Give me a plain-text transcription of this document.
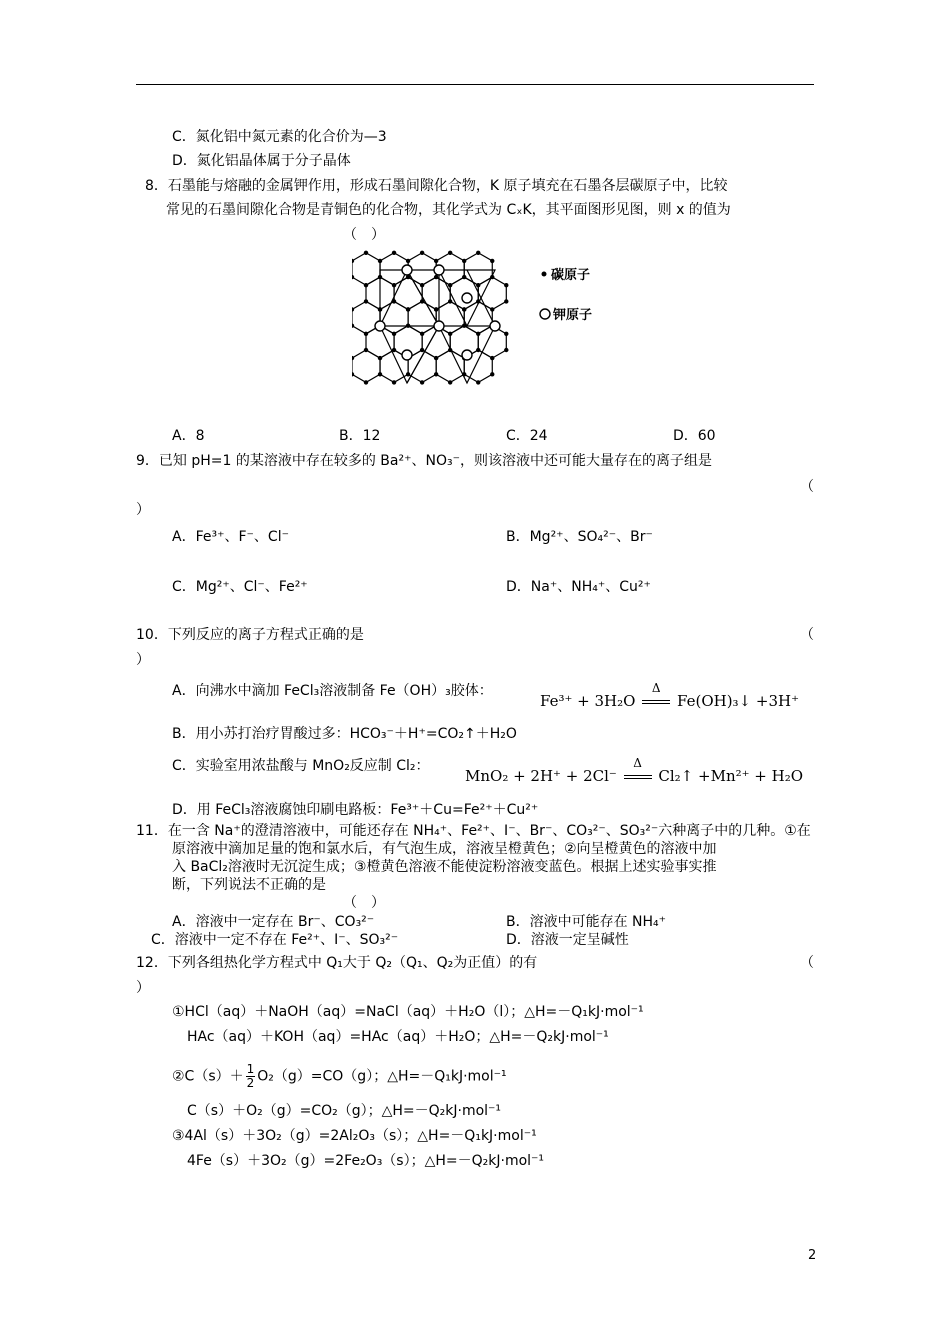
C．氮化铝中氮元素的化合价为—3
D．氮化铝晶体属于分子晶体
8．石墨能与熔融的金属钾作用，形成石墨间隙化合物，K 原子填充在石墨各层碳原子中，比较
常见的石墨间隙化合物是青铜色的化合物，其化学式为 CₓK，其平面图形见图，则 x 的值为
（　）
碳原子
钾原子
A．8	B．12	C．24	D．60
9．已知 pH=1 的某溶液中存在较多的 Ba²⁺、NO₃⁻，则该溶液中还可能大量存在的离子组是
（
）
A．Fe³⁺、F⁻、Cl⁻	B．Mg²⁺、SO₄²⁻、Br⁻
C．Mg²⁺、Cl⁻、Fe²⁺	D．Na⁺、NH₄⁺、Cu²⁺
10．下列反应的离子方程式正确的是	（
）
A．向沸水中滴加 FeCl₃溶液制备 Fe（OH）₃胶体：
Fe³⁺ + 3H₂O
Δ
Fe(OH)₃↓ +3H⁺
B．用小苏打治疗胃酸过多：HCO₃⁻＋H⁺=CO₂↑＋H₂O
C．实验室用浓盐酸与 MnO₂反应制 Cl₂：
MnO₂ + 2H⁺ + 2Cl⁻
Δ
Cl₂↑ +Mn²⁺ + H₂O
D．用 FeCl₃溶液腐蚀印刷电路板：Fe³⁺＋Cu=Fe²⁺＋Cu²⁺
11．在一含 Na⁺的澄清溶液中，可能还存在 NH₄⁺、Fe²⁺、I⁻、Br⁻、CO₃²⁻、SO₃²⁻六种离子中的几种。①在
原溶液中滴加足量的饱和氯水后，有气泡生成，溶液呈橙黄色；②向呈橙黄色的溶液中加
入 BaCl₂溶液时无沉淀生成；③橙黄色溶液不能使淀粉溶液变蓝色。根据上述实验事实推
断，下列说法不正确的是
（　）
A．溶液中一定存在 Br⁻、CO₃²⁻	B．溶液中可能存在 NH₄⁺
C．溶液中一定不存在 Fe²⁺、I⁻、SO₃²⁻	D．溶液一定呈碱性
12．下列各组热化学方程式中 Q₁大于 Q₂（Q₁、Q₂为正值）的有	（
）
①HCl（aq）＋NaOH（aq）=NaCl（aq）＋H₂O（l）；△H=－Q₁kJ·mol⁻¹
HAc（aq）＋KOH（aq）=HAc（aq）＋H₂O；△H=－Q₂kJ·mol⁻¹
②C（s）＋ $\frac{1}{2} O_2(g)=CO(g)$；△H=－Q₁kJ·mol⁻¹
C（s）＋O₂（g）=CO₂（g）；△H=－Q₂kJ·mol⁻¹
③4Al（s）＋3O₂（g）=2Al₂O₃（s）；△H=－Q₁kJ·mol⁻¹
4Fe（s）＋3O₂（g）=2Fe₂O₃（s）；△H=－Q₂kJ·mol⁻¹
2
